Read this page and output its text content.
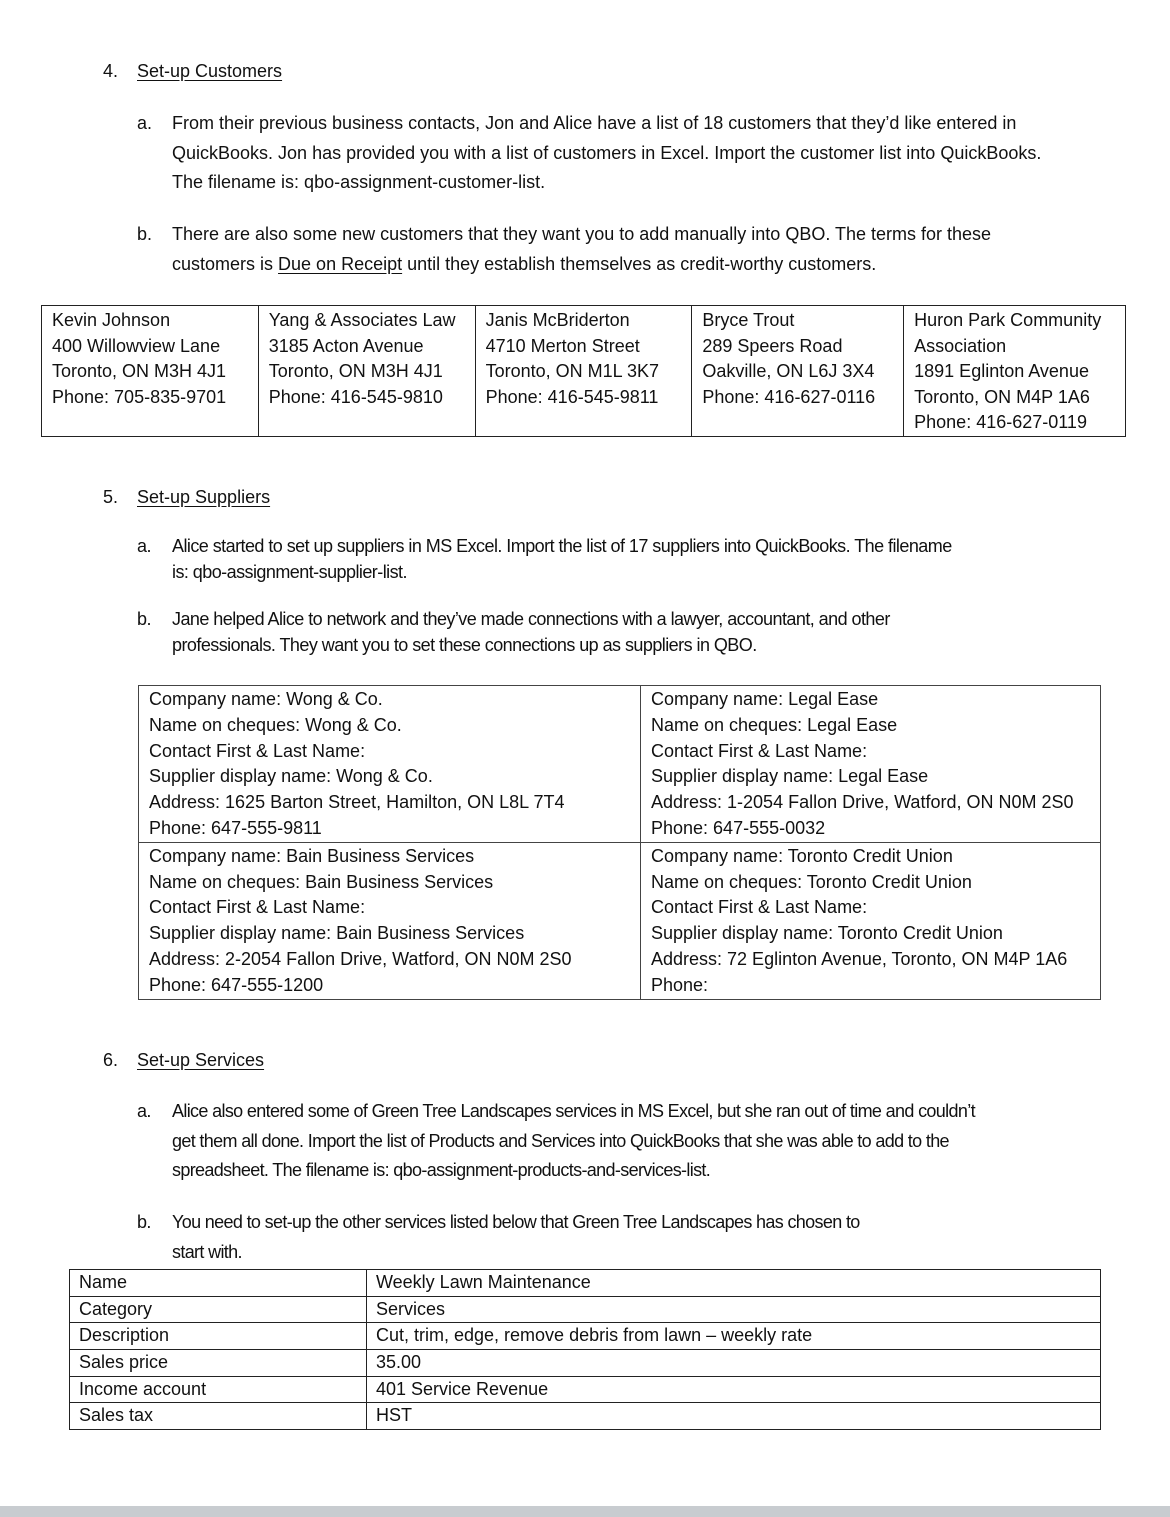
4. Set-up Customers
a. From their previous business contacts, Jon and Alice have a list of 18 customers that they’d like entered in
QuickBooks. Jon has provided you with a list of customers in Excel. Import the customer list into QuickBooks.
The filename is: qbo-assignment-customer-list.
b. There are also some new customers that they want you to add manually into QBO. The terms for these
customers is Due on Receipt until they establish themselves as credit-worthy customers.
Kevin Johnson
400 Willowview Lane
Toronto, ON M3H 4J1
Phone: 705-835-9701

Yang & Associates Law
3185 Acton Avenue
Toronto, ON M3H 4J1
Phone: 416-545-9810

Janis McBriderton
4710 Merton Street
Toronto, ON M1L 3K7
Phone: 416-545-9811

Bryce Trout
289 Speers Road
Oakville, ON L6J 3X4
Phone: 416-627-0116

Huron Park Community
Association
1891 Eglinton Avenue
Toronto, ON M4P 1A6
Phone: 416-627-0119
5. Set-up Suppliers
a. Alice started to set up suppliers in MS Excel. Import the list of 17 suppliers into QuickBooks. The filename
is: qbo-assignment-supplier-list.
b. Jane helped Alice to network and they’ve made connections with a lawyer, accountant, and other
professionals. They want you to set these connections up as suppliers in QBO.
Company name: Wong & Co.
Name on cheques: Wong & Co.
Contact First & Last Name:
Supplier display name: Wong & Co.
Address: 1625 Barton Street, Hamilton, ON L8L 7T4
Phone: 647-555-9811

Company name: Legal Ease
Name on cheques: Legal Ease
Contact First & Last Name:
Supplier display name: Legal Ease
Address: 1-2054 Fallon Drive, Watford, ON N0M 2S0
Phone: 647-555-0032

Company name: Bain Business Services
Name on cheques: Bain Business Services
Contact First & Last Name:
Supplier display name: Bain Business Services
Address: 2-2054 Fallon Drive, Watford, ON N0M 2S0
Phone: 647-555-1200

Company name: Toronto Credit Union
Name on cheques: Toronto Credit Union
Contact First & Last Name:
Supplier display name: Toronto Credit Union
Address: 72 Eglinton Avenue, Toronto, ON M4P 1A6
Phone:
6. Set-up Services
a. Alice also entered some of Green Tree Landscapes services in MS Excel, but she ran out of time and couldn’t
get them all done. Import the list of Products and Services into QuickBooks that she was able to add to the
spreadsheet. The filename is: qbo-assignment-products-and-services-list.
b. You need to set-up the other services listed below that Green Tree Landscapes has chosen to
start with.
Name	Weekly Lawn Maintenance
Category	Services
Description	Cut, trim, edge, remove debris from lawn – weekly rate
Sales price	35.00
Income account	401 Service Revenue
Sales tax	HST
